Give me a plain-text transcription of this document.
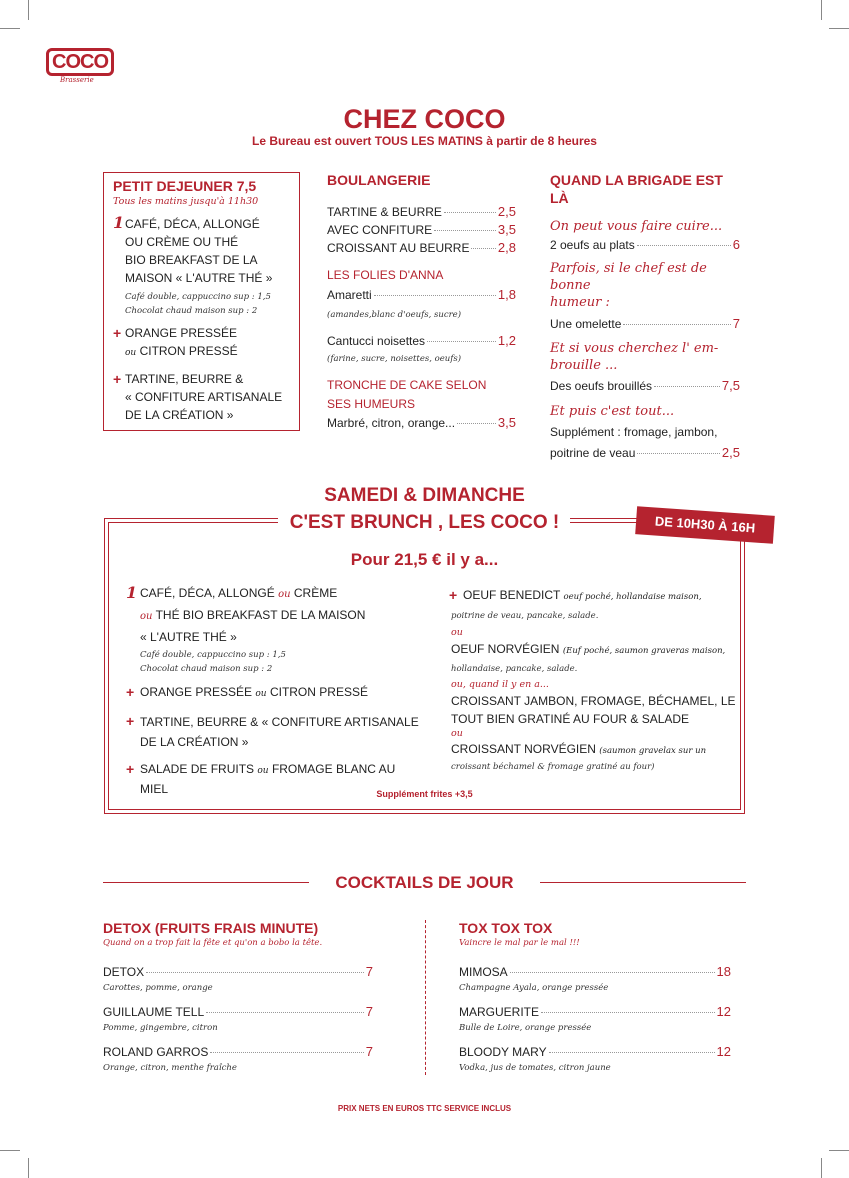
COCO
Brasserie
CHEZ COCO
Le Bureau est ouvert TOUS LES MATINS à partir de 8 heures
PETIT DEJEUNER 7,5
Tous les matins jusqu'à 11h30
1 CAFÉ, DÉCA, ALLONGÉ
OU CRÈME OU THÉ
BIO BREAKFAST DE LA
MAISON « L'AUTRE THÉ »
Café double, cappuccino sup : 1,5
Chocolat chaud maison sup : 2
+ ORANGE PRESSÉE
ou CITRON PRESSÉ
+ TARTINE, BEURRE &
« CONFITURE ARTISANALE
DE LA CRÉATION »
BOULANGERIE
TARTINE & BEURRE	2,5
AVEC CONFITURE	3,5
CROISSANT AU BEURRE 2,8
LES FOLIES D'ANNA
Amaretti	1,8
(amandes,blanc d'oeufs, sucre)
Cantucci noisettes	1,2
(farine, sucre, noisettes, oeufs)
TRONCHE DE CAKE SELON
SES HUMEURS
Marbré, citron, orange...	3,5
QUAND LA BRIGADE EST LÀ
On peut vous faire cuire...
2 oeufs au plats	6
Parfois, si le chef est de bonne
humeur :
Une omelette	7
Et si vous cherchez l' em-
brouille ...
Des oeufs brouillés	7,5
Et puis c'est tout...
Supplément : fromage, jambon,
poitrine de veau	2,5
SAMEDI & DIMANCHE
C'EST BRUNCH , LES COCO !	DE 10H30 À 16H
Pour 21,5 € il y a...
1 CAFÉ, DÉCA, ALLONGÉ ou CRÈME
ou THÉ BIO BREAKFAST DE LA MAISON
« L'AUTRE THÉ »
Café double, cappuccino sup : 1,5
Chocolat chaud maison sup : 2
+ ORANGE PRESSÉE ou CITRON PRESSÉ
+ TARTINE, BEURRE & « CONFITURE ARTISANALE
DE LA CRÉATION »
+ SALADE DE FRUITS ou FROMAGE BLANC AU MIEL
+ OEUF BENEDICT oeuf poché, hollandaise maison,
poitrine de veau, pancake, salade.
ou
OEUF NORVÉGIEN (Euf poché, saumon graveras maison,
hollandaise, pancake, salade.
ou, quand il y en a...
CROISSANT JAMBON, FROMAGE, BÉCHAMEL, LE
TOUT BIEN GRATINÉ AU FOUR & SALADE
ou
CROISSANT NORVÉGIEN (saumon gravelax sur un
croissant béchamel & fromage gratiné au four)
Supplément frites +3,5
COCKTAILS DE JOUR
DETOX (FRUITS FRAIS MINUTE)
Quand on a trop fait la fête et qu'on a bobo la tête.
DETOX	7
Carottes, pomme, orange
GUILLAUME TELL	7
Pomme, gingembre, citron
ROLAND GARROS	7
Orange, citron, menthe fraîche
TOX TOX TOX
Vaincre le mal par le mal !!!
MIMOSA	18
Champagne Ayala, orange pressée
MARGUERITE	12
Bulle de Loire, orange pressée
BLOODY MARY	12
Vodka, jus de tomates, citron jaune
PRIX NETS EN EUROS TTC SERVICE INCLUS
